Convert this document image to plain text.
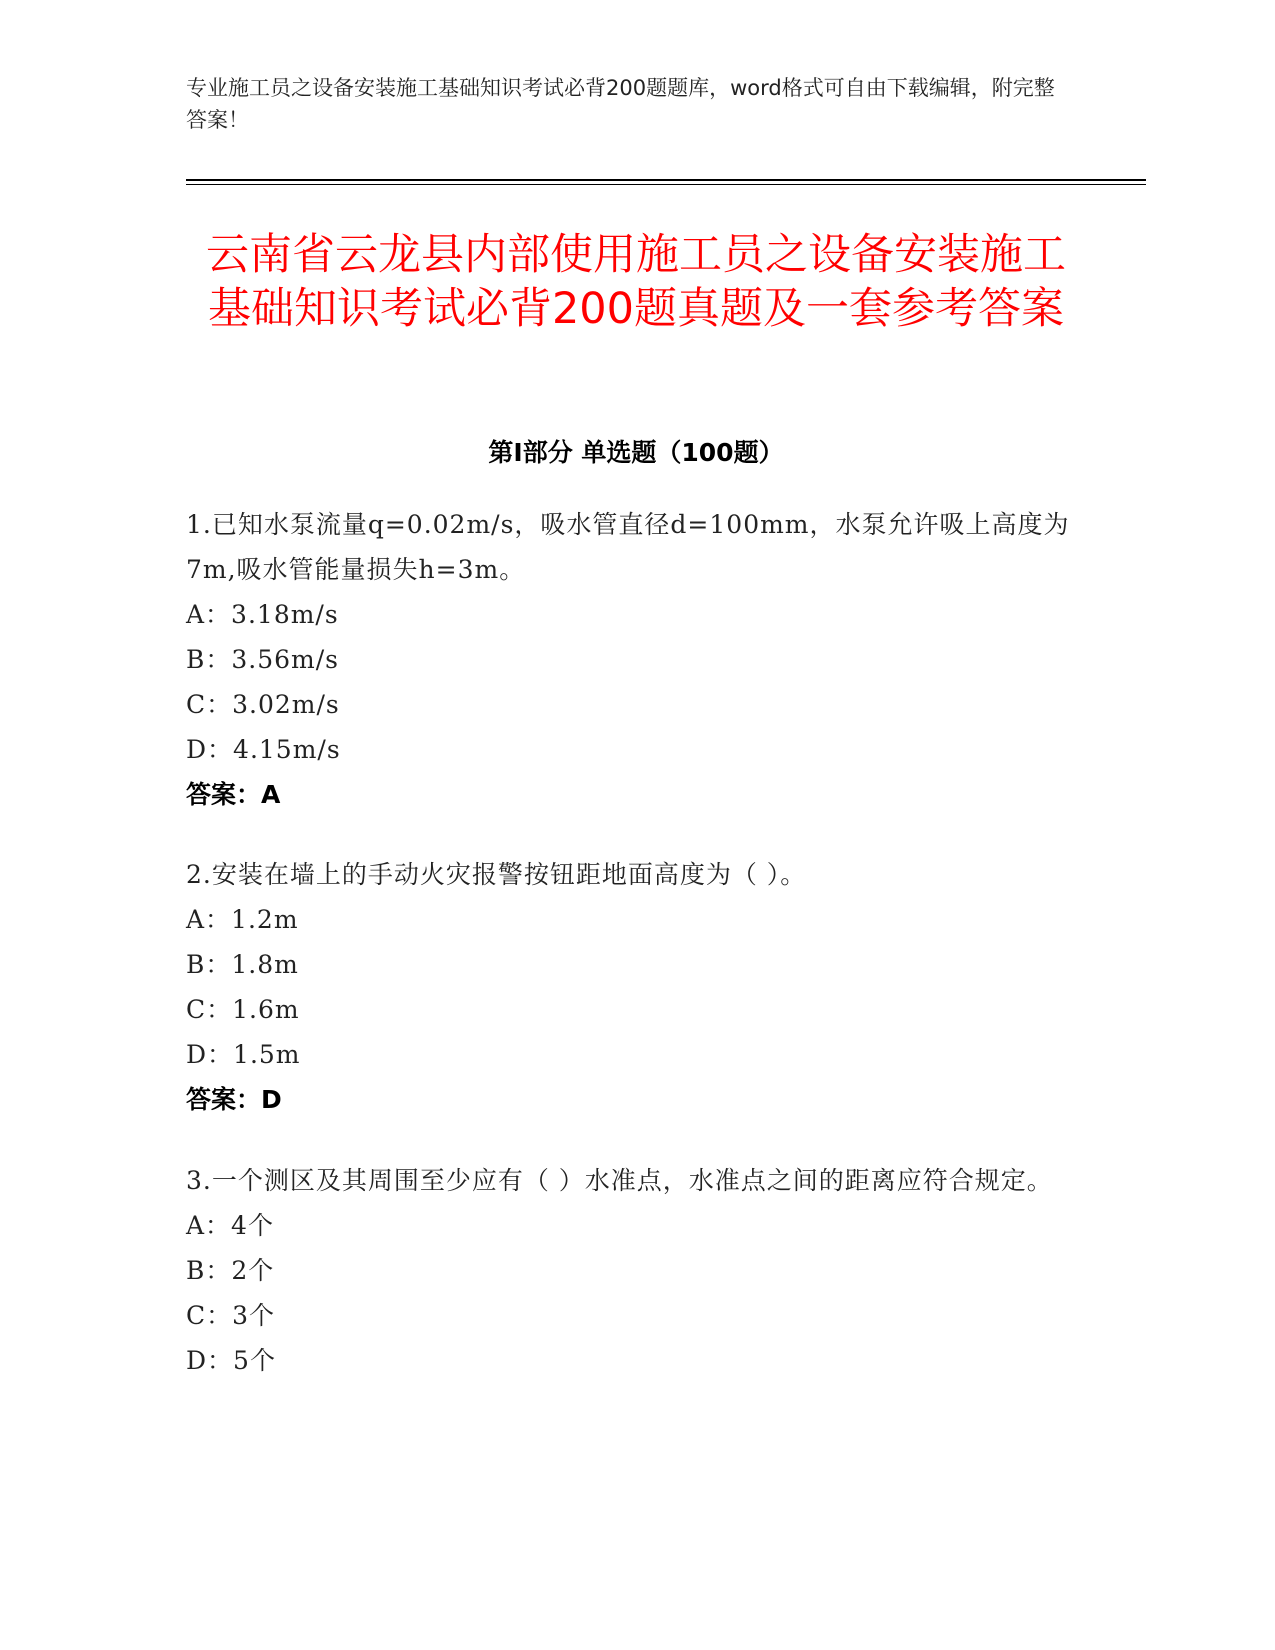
专业施工员之设备安装施工基础知识考试必背200题题库，word格式可自由下载编辑，附完整答案！
云南省云龙县内部使用施工员之设备安装施工基础知识考试必背200题真题及一套参考答案
第I部分 单选题（100题）
1.已知水泵流量q=0.02m/s，吸水管直径d=100mm，水泵允许吸上高度为7m,吸水管能量损失h=3m。
A：3.18m/s
B：3.56m/s
C：3.02m/s
D：4.15m/s
答案：A
2.安装在墙上的手动火灾报警按钮距地面高度为（ ）。
A：1.2m
B：1.8m
C：1.6m
D：1.5m
答案：D
3.一个测区及其周围至少应有（ ）水准点，水准点之间的距离应符合规定。
A：4个
B：2个
C：3个
D：5个
